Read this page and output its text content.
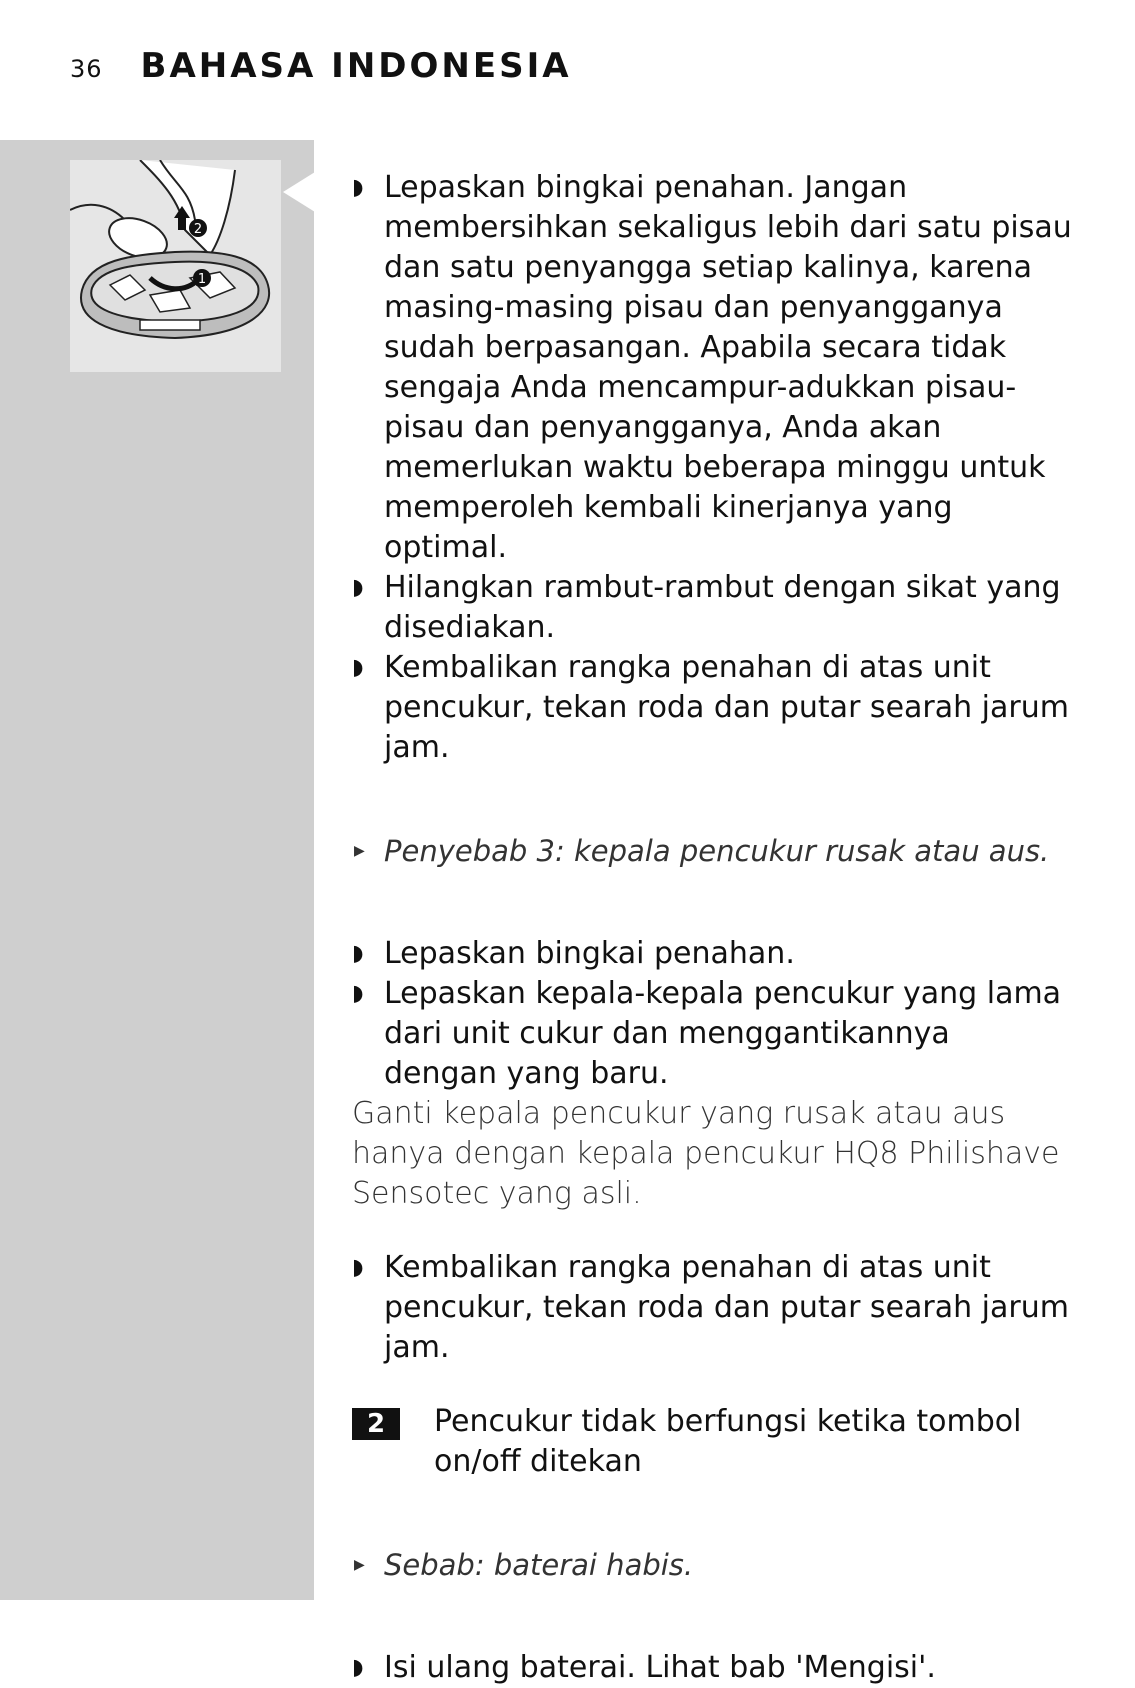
36 BAHASA INDONESIA
2
1

◗ Lepaskan bingkai penahan. Jangan membersihkan sekaligus lebih dari satu pisau dan satu penyangga setiap kalinya, karena masing-masing pisau dan penyangganya sudah berpasangan. Apabila secara tidak sengaja Anda mencampur-adukkan pisau-pisau dan penyangganya, Anda akan memerlukan waktu beberapa minggu untuk memperoleh kembali kinerjanya yang optimal.

◗ Hilangkan rambut-rambut dengan sikat yang disediakan.

◗ Kembalikan rangka penahan di atas unit pencukur, tekan roda dan putar searah jarum jam.

▶ Penyebab 3: kepala pencukur rusak atau aus.

◗ Lepaskan bingkai penahan.

◗ Lepaskan kepala-kepala pencukur yang lama dari unit cukur dan menggantikannya dengan yang baru.

Ganti kepala pencukur yang rusak atau aus hanya dengan kepala pencukur HQ8 Philishave Sensotec yang asli.

◗ Kembalikan rangka penahan di atas unit pencukur, tekan roda dan putar searah jarum jam.

2	Pencukur tidak berfungsi ketika tombol on/off ditekan

▶ Sebab: baterai habis.

◗ Isi ulang baterai. Lihat bab 'Mengisi'.
